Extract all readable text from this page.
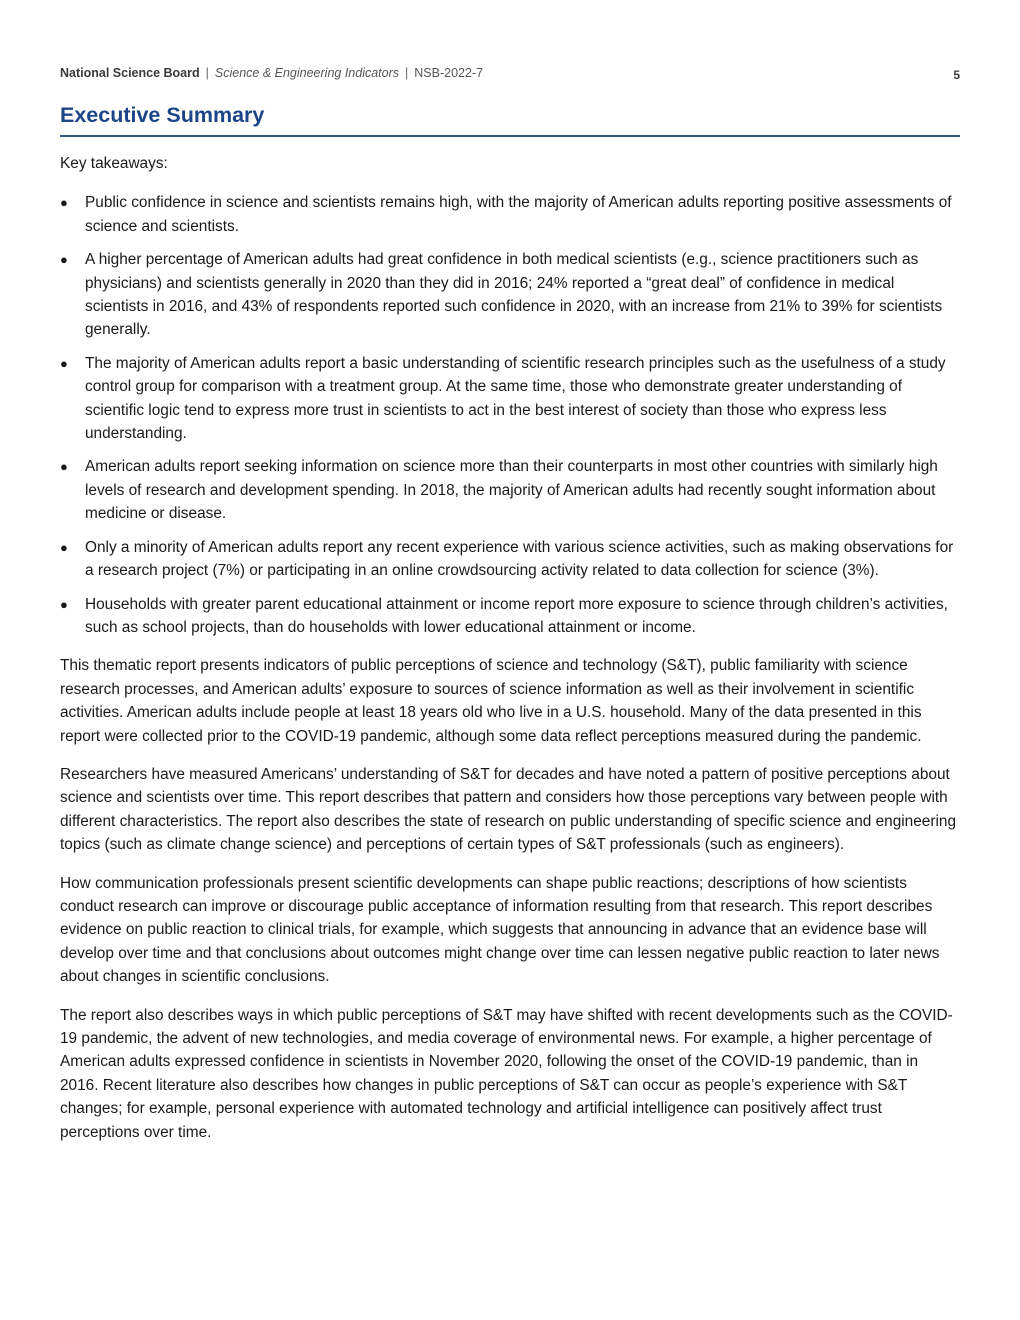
National Science Board | Science & Engineering Indicators | NSB-2022-7	5
Executive Summary

Key takeaways:

● Public confidence in science and scientists remains high, with the majority of American adults reporting positive assessments of science and scientists.
● A higher percentage of American adults had great confidence in both medical scientists (e.g., science practitioners such as physicians) and scientists generally in 2020 than they did in 2016; 24% reported a “great deal” of confidence in medical scientists in 2016, and 43% of respondents reported such confidence in 2020, with an increase from 21% to 39% for scientists generally.
● The majority of American adults report a basic understanding of scientific research principles such as the usefulness of a study control group for comparison with a treatment group. At the same time, those who demonstrate greater understanding of scientific logic tend to express more trust in scientists to act in the best interest of society than those who express less understanding.
● American adults report seeking information on science more than their counterparts in most other countries with similarly high levels of research and development spending. In 2018, the majority of American adults had recently sought information about medicine or disease.
● Only a minority of American adults report any recent experience with various science activities, such as making observations for a research project (7%) or participating in an online crowdsourcing activity related to data collection for science (3%).
● Households with greater parent educational attainment or income report more exposure to science through children’s activities, such as school projects, than do households with lower educational attainment or income.

This thematic report presents indicators of public perceptions of science and technology (S&T), public familiarity with science research processes, and American adults’ exposure to sources of science information as well as their involvement in scientific activities. American adults include people at least 18 years old who live in a U.S. household. Many of the data presented in this report were collected prior to the COVID-19 pandemic, although some data reflect perceptions measured during the pandemic.

Researchers have measured Americans’ understanding of S&T for decades and have noted a pattern of positive perceptions about science and scientists over time. This report describes that pattern and considers how those perceptions vary between people with different characteristics. The report also describes the state of research on public understanding of specific science and engineering topics (such as climate change science) and perceptions of certain types of S&T professionals (such as engineers).

How communication professionals present scientific developments can shape public reactions; descriptions of how scientists conduct research can improve or discourage public acceptance of information resulting from that research. This report describes evidence on public reaction to clinical trials, for example, which suggests that announcing in advance that an evidence base will develop over time and that conclusions about outcomes might change over time can lessen negative public reaction to later news about changes in scientific conclusions.

The report also describes ways in which public perceptions of S&T may have shifted with recent developments such as the COVID-19 pandemic, the advent of new technologies, and media coverage of environmental news. For example, a higher percentage of American adults expressed confidence in scientists in November 2020, following the onset of the COVID-19 pandemic, than in 2016. Recent literature also describes how changes in public perceptions of S&T can occur as people’s experience with S&T changes; for example, personal experience with automated technology and artificial intelligence can positively affect trust perceptions over time.
